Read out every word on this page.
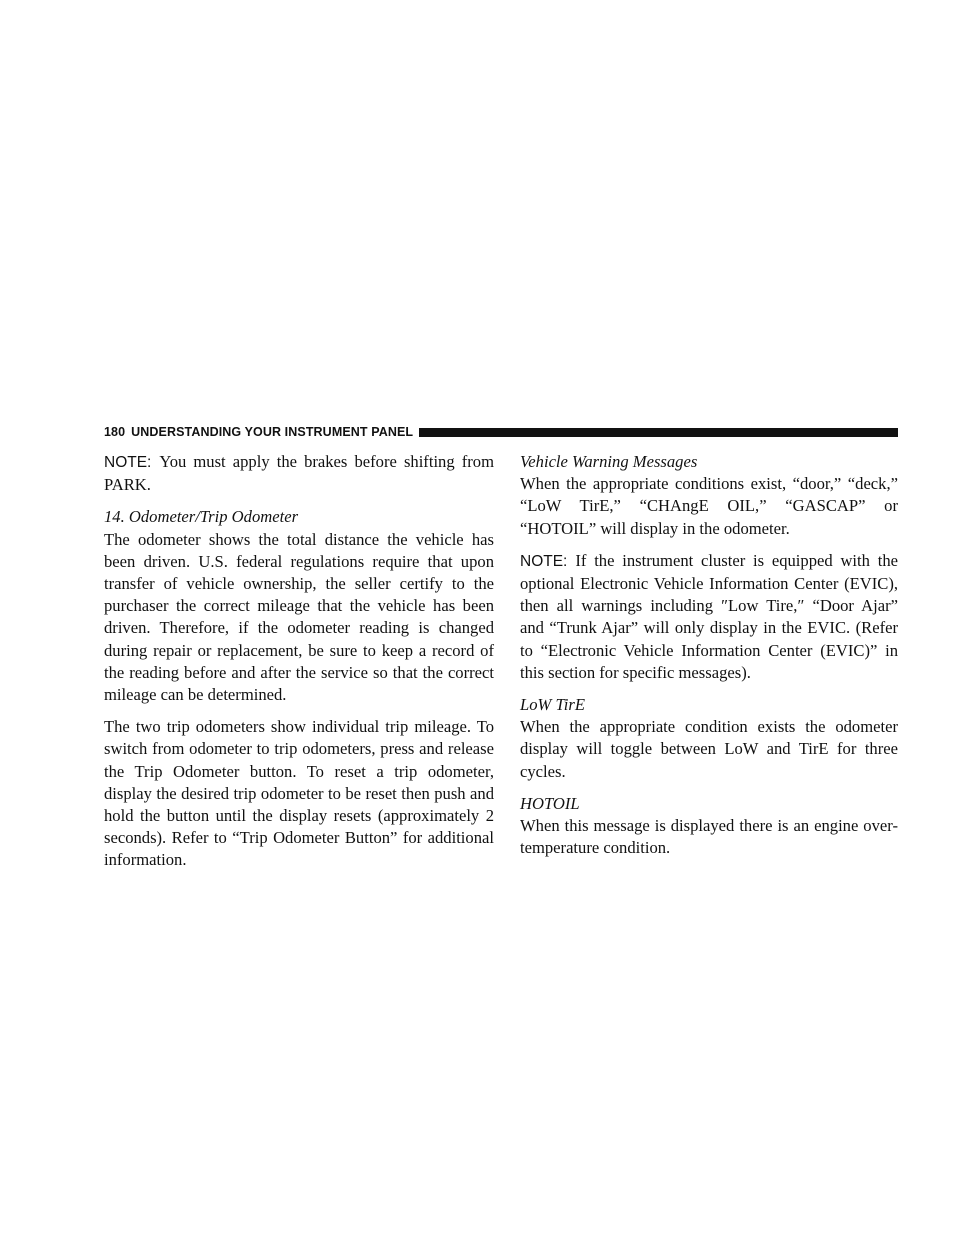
180 UNDERSTANDING YOUR INSTRUMENT PANEL

NOTE: You must apply the brakes before shifting from PARK.

14. Odometer/Trip Odometer

The odometer shows the total distance the vehicle has been driven. U.S. federal regulations require that upon transfer of vehicle ownership, the seller certify to the purchaser the correct mileage that the vehicle has been driven. Therefore, if the odometer reading is changed during repair or replacement, be sure to keep a record of the reading before and after the service so that the correct mileage can be determined.

The two trip odometers show individual trip mileage. To switch from odometer to trip odometers, press and release the Trip Odometer button. To reset a trip odometer, display the desired trip odometer to be reset then push and hold the button until the display resets (approximately 2 seconds). Refer to “Trip Odometer Button” for additional information.

Vehicle Warning Messages

When the appropriate conditions exist, “door,” “deck,” “LoW TirE,” “CHAngE OIL,” “GASCAP” or “HOTOIL” will display in the odometer.

NOTE: If the instrument cluster is equipped with the optional Electronic Vehicle Information Center (EVIC), then all warnings including ″Low Tire,″ “Door Ajar” and “Trunk Ajar” will only display in the EVIC. (Refer to “Electronic Vehicle Information Center (EVIC)” in this section for specific messages).

LoW TirE

When the appropriate condition exists the odometer display will toggle between LoW and TirE for three cycles.

HOTOIL

When this message is displayed there is an engine over-temperature condition.
